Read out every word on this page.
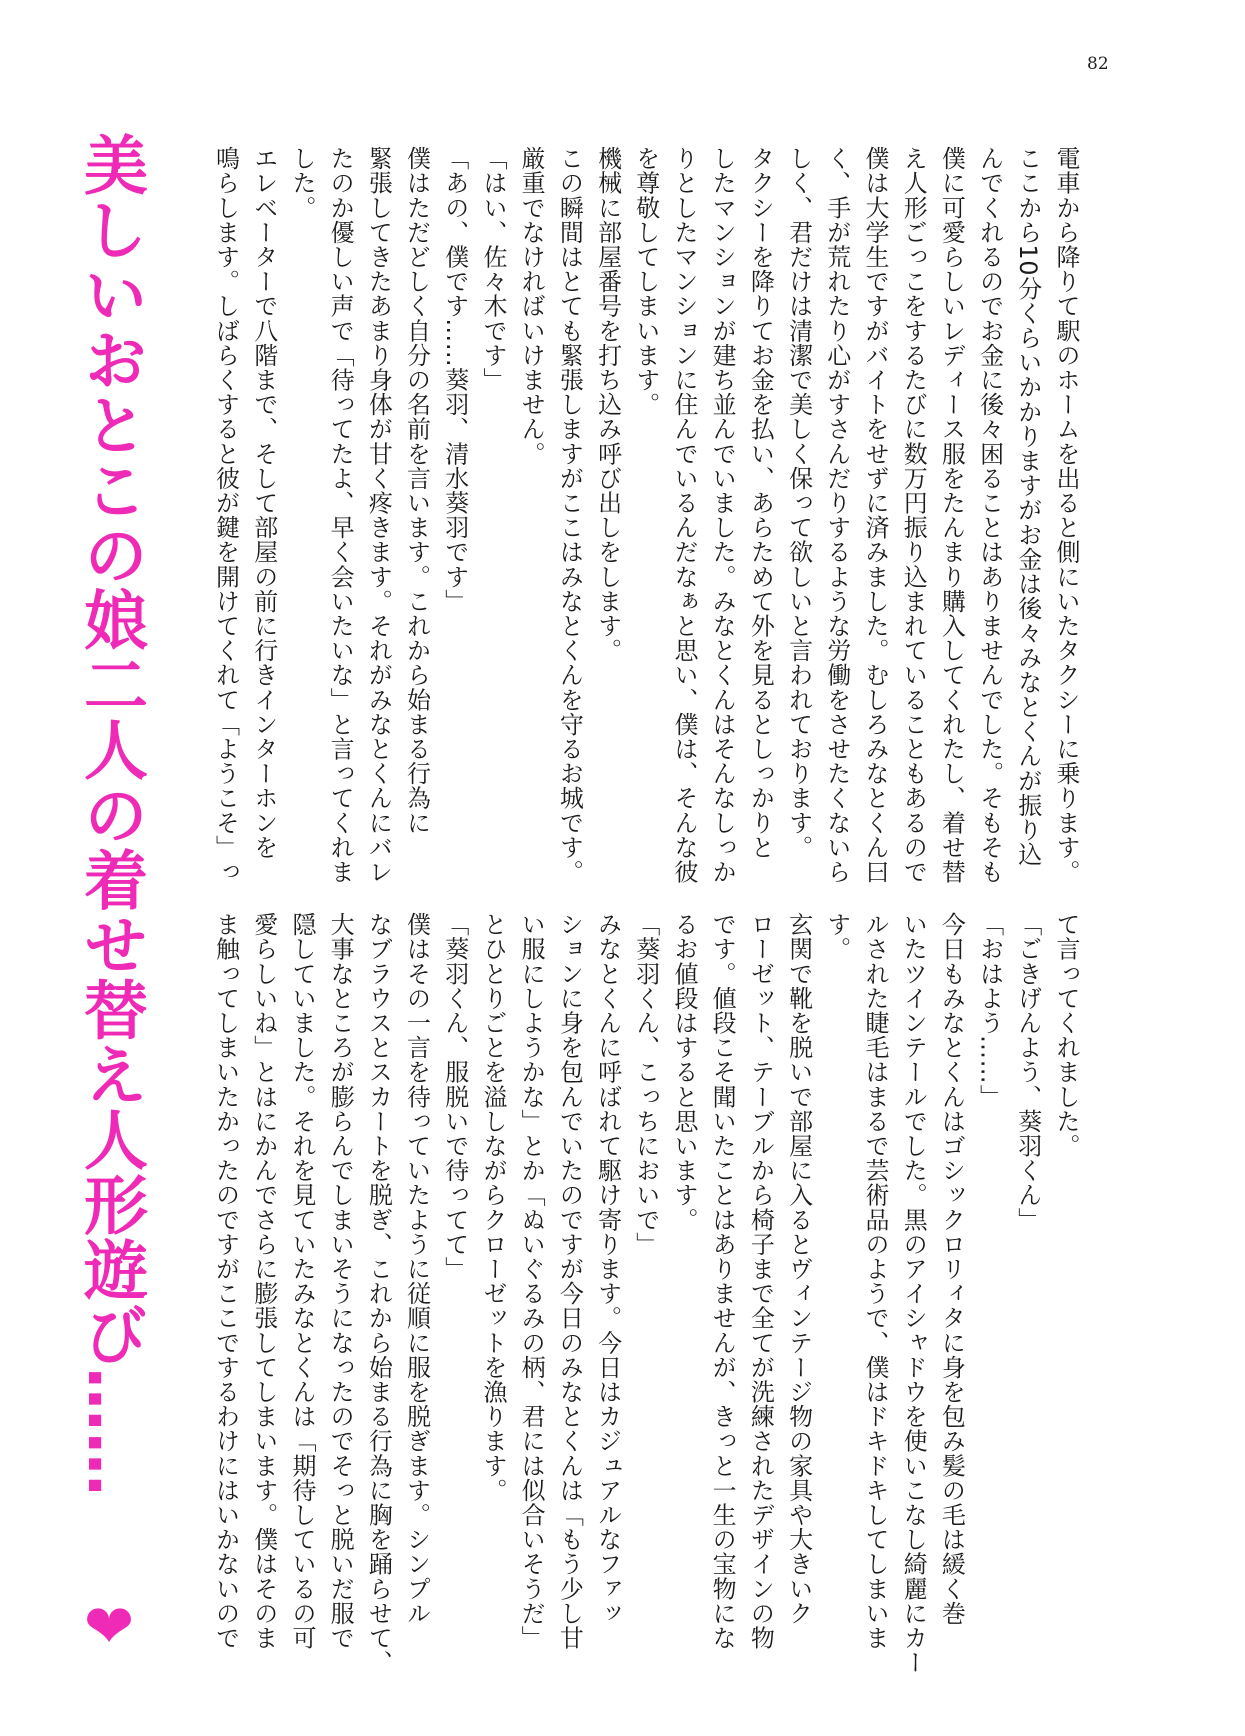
82
美しいおとこの娘二人の着せ替え人形遊び……
❤
電車から降りて駅のホームを出ると側にいたタクシーに乗ります。
ここから10分くらいかかりますがお金は後々みなとくんが振り込
んでくれるのでお金に後々困ることはありませんでした。そもそも
僕に可愛らしいレディース服をたんまり購入してくれたし、着せ替
え人形ごっこをするたびに数万円振り込まれていることもあるので
僕は大学生ですがバイトをせずに済みました。むしろみなとくん曰
く、手が荒れたり心がすさんだりするような労働をさせたくないら
しく、君だけは清潔で美しく保って欲しいと言われております。
タクシーを降りてお金を払い、あらためて外を見るとしっかりと
したマンションが建ち並んでいました。みなとくんはそんなしっか
りとしたマンションに住んでいるんだなぁと思い、僕は、そんな彼
を尊敬してしまいます。
機械に部屋番号を打ち込み呼び出しをします。
この瞬間はとても緊張しますがここはみなとくんを守るお城です。
厳重でなければいけません。
「はい、佐々木です」
「あの、僕です……葵羽、清水葵羽です」
僕はただどしく自分の名前を言います。これから始まる行為に
緊張してきたあまり身体が甘く疼きます。それがみなとくんにバレ
たのか優しい声で「待ってたよ、早く会いたいな」と言ってくれま
した。
エレベーターで八階まで、そして部屋の前に行きインターホンを
鳴らします。しばらくすると彼が鍵を開けてくれて「ようこそ」っ
て言ってくれました。
「ごきげんよう、葵羽くん」
「おはよう……」
今日もみなとくんはゴシックロリィタに身を包み髪の毛は緩く巻
いたツインテールでした。黒のアイシャドウを使いこなし綺麗にカー
ルされた睫毛はまるで芸術品のようで、僕はドキドキしてしまいま
す。
玄関で靴を脱いで部屋に入るとヴィンテージ物の家具や大きいク
ローゼット、テーブルから椅子まで全てが洗練されたデザインの物
です。値段こそ聞いたことはありませんが、きっと一生の宝物にな
るお値段はすると思います。
「葵羽くん、こっちにおいで」
みなとくんに呼ばれて駆け寄ります。今日はカジュアルなファッ
ションに身を包んでいたのですが今日のみなとくんは「もう少し甘
い服にしようかな」とか「ぬいぐるみの柄、君には似合いそうだ」
とひとりごとを溢しながらクローゼットを漁ります。
「葵羽くん、服脱いで待ってて」
僕はその一言を待っていたように従順に服を脱ぎます。シンプル
なブラウスとスカートを脱ぎ、これから始まる行為に胸を踊らせて、
大事なところが膨らんでしまいそうになったのでそっと脱いだ服で
隠していました。それを見ていたみなとくんは「期待しているの可
愛らしいね」とはにかんでさらに膨張してしまいます。僕はそのま
ま触ってしまいたかったのですがここでするわけにはいかないので
